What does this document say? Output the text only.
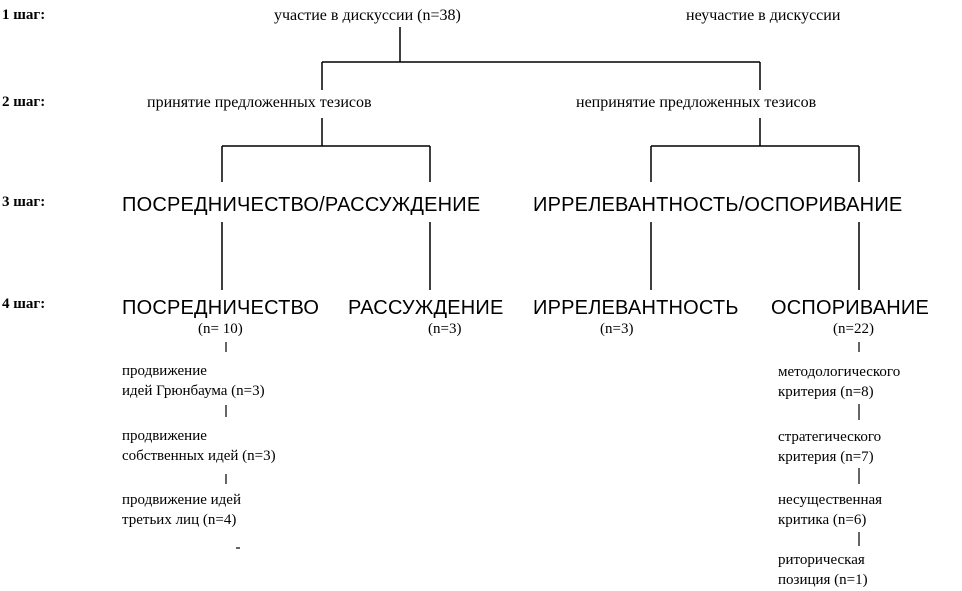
1 шаг:
2 шаг:
3 шаг:
4 шаг:
участие в дискуссии (n=38)	неучастие в дискуссии
принятие предложенных тезисов	непринятие предложенных тезисов
ПОСРЕДНИЧЕСТВО/РАССУЖДЕНИЕ	ИРРЕЛЕВАНТНОСТЬ/ОСПОРИВАНИЕ
ПОСРЕДНИЧЕСТВО РАССУЖДЕНИЕ ИРРЕЛЕВАНТНОСТЬ ОСПОРИВАНИЕ
(n= 10)	(n=3)	(n=3)	(n=22)
продвижение
идей Грюнбаума (n=3)
продвижение
собственных идей (n=3)
продвижение идей
третьих лиц (n=4)
методологического
критерия (n=8)
стратегического
критерия (n=7)
несущественная
критика (n=6)
риторическая
позиция (n=1)
